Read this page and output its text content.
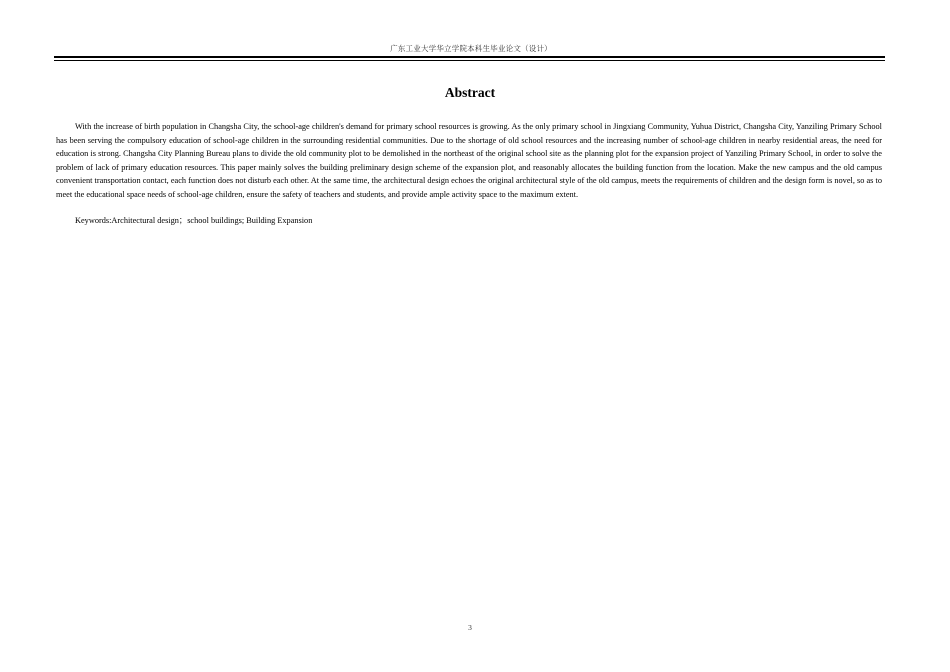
广东工业大学华立学院本科生毕业论文（设计）
Abstract

With the increase of birth population in Changsha City, the school-age children's demand for primary school resources is growing. As the only primary school in Jingxiang Community, Yuhua District, Changsha City, Yanziling Primary School has been serving the compulsory education of school-age children in the surrounding residential communities. Due to the shortage of old school resources and the increasing number of school-age children in nearby residential areas, the need for education is strong. Changsha City Planning Bureau plans to divide the old community plot to be demolished in the northeast of the original school site as the planning plot for the expansion project of Yanziling Primary School, in order to solve the problem of lack of primary education resources. This paper mainly solves the building preliminary design scheme of the expansion plot, and reasonably allocates the building function from the location. Make the new campus and the old campus convenient transportation contact, each function does not disturb each other. At the same time, the architectural design echoes the original architectural style of the old campus, meets the requirements of children and the design form is novel, so as to meet the educational space needs of school-age children, ensure the safety of teachers and students, and provide ample activity space to the maximum extent.

Keywords:Architectural design；school buildings; Building Expansion

3
